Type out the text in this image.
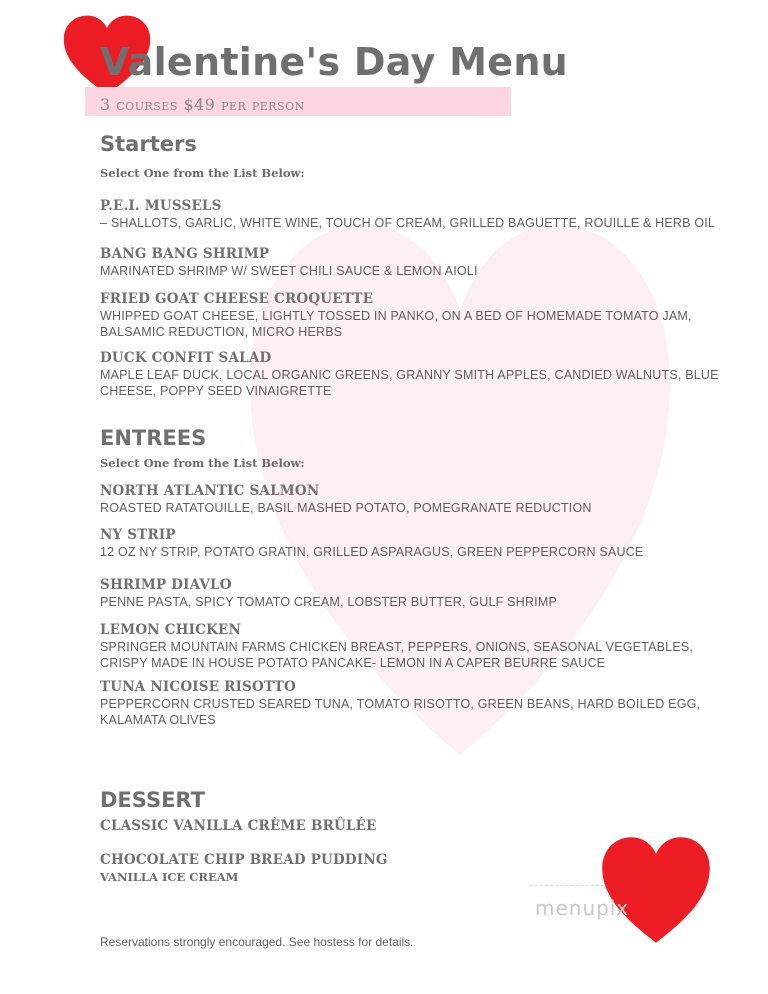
Valentine's Day Menu
3 courses $49 per person
Starters
Select One from the List Below:
P.E.I. MUSSELS
– SHALLOTS, GARLIC, WHITE WINE, TOUCH OF CREAM, GRILLED BAGUETTE, ROUILLE & HERB OIL
BANG BANG SHRIMP
MARINATED SHRIMP W/ SWEET CHILI SAUCE & LEMON AIOLI
FRIED GOAT CHEESE CROQUETTE
WHIPPED GOAT CHEESE, LIGHTLY TOSSED IN PANKO, ON A BED OF HOMEMADE TOMATO JAM, BALSAMIC REDUCTION, MICRO HERBS
DUCK CONFIT SALAD
MAPLE LEAF DUCK, LOCAL ORGANIC GREENS, GRANNY SMITH APPLES, CANDIED WALNUTS, BLUE CHEESE, POPPY SEED VINAIGRETTE
ENTREES
Select One from the List Below:
NORTH ATLANTIC SALMON
ROASTED RATATOUILLE, BASIL MASHED POTATO, POMEGRANATE REDUCTION
NY STRIP
12 OZ NY STRIP, POTATO GRATIN, GRILLED ASPARAGUS, GREEN PEPPERCORN SAUCE
SHRIMP DIAVLO
PENNE PASTA, SPICY TOMATO CREAM, LOBSTER BUTTER, GULF SHRIMP
LEMON CHICKEN
SPRINGER MOUNTAIN FARMS CHICKEN BREAST, PEPPERS, ONIONS, SEASONAL VEGETABLES, CRISPY MADE IN HOUSE POTATO PANCAKE- LEMON IN A CAPER BEURRE SAUCE
TUNA NICOISE RISOTTO
PEPPERCORN CRUSTED SEARED TUNA, TOMATO RISOTTO, GREEN BEANS, HARD BOILED EGG, KALAMATA OLIVES
DESSERT
CLASSIC VANILLA CRÈME BRÛLÉE
CHOCOLATE CHIP BREAD PUDDING
VANILLA ICE CREAM
menupix
Reservations strongly encouraged. See hostess for details.
